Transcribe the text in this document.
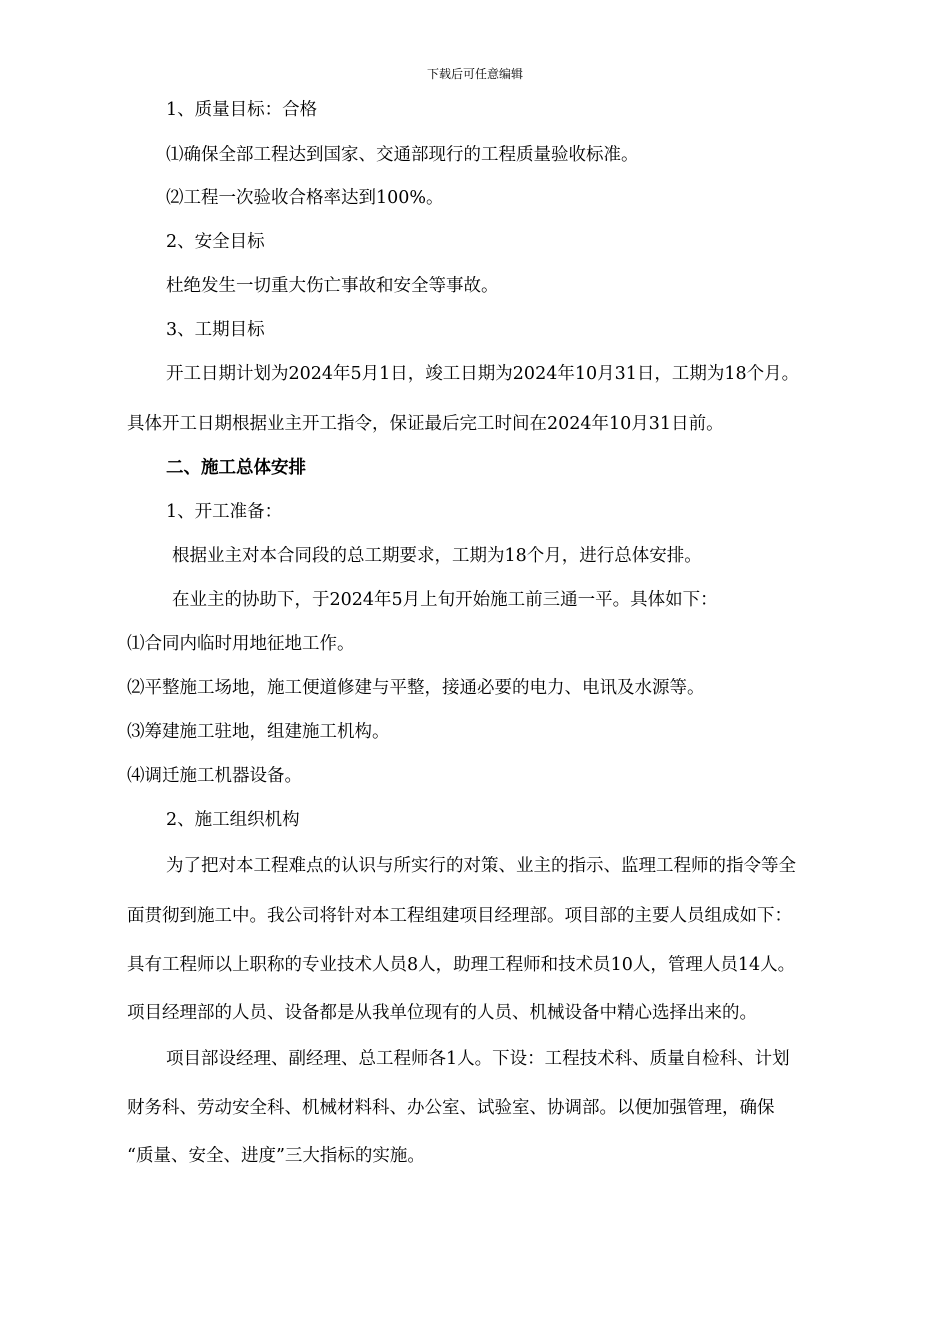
下载后可任意编辑
1、质量目标：合格
⑴确保全部工程达到国家、交通部现行的工程质量验收标准。
⑵工程一次验收合格率达到100%。
2、安全目标
杜绝发生一切重大伤亡事故和安全等事故。
3、工期目标
开工日期计划为2024年5月1日，竣工日期为2024年10月31日，工期为18个月。
具体开工日期根据业主开工指令，保证最后完工时间在2024年10月31日前。
二、施工总体安排
1、开工准备：
根据业主对本合同段的总工期要求，工期为18个月，进行总体安排。
在业主的协助下，于2024年5月上旬开始施工前三通一平。具体如下：
⑴合同内临时用地征地工作。
⑵平整施工场地，施工便道修建与平整，接通必要的电力、电讯及水源等。
⑶筹建施工驻地，组建施工机构。
⑷调迁施工机器设备。
2、施工组织机构
为了把对本工程难点的认识与所实行的对策、业主的指示、监理工程师的指令等全
面贯彻到施工中。我公司将针对本工程组建项目经理部。项目部的主要人员组成如下：
具有工程师以上职称的专业技术人员8人，助理工程师和技术员10人，管理人员14人。
项目经理部的人员、设备都是从我单位现有的人员、机械设备中精心选择出来的。
项目部设经理、副经理、总工程师各1人。下设：工程技术科、质量自检科、计划
财务科、劳动安全科、机械材料科、办公室、试验室、协调部。以便加强管理，确保
“质量、安全、进度”三大指标的实施。
